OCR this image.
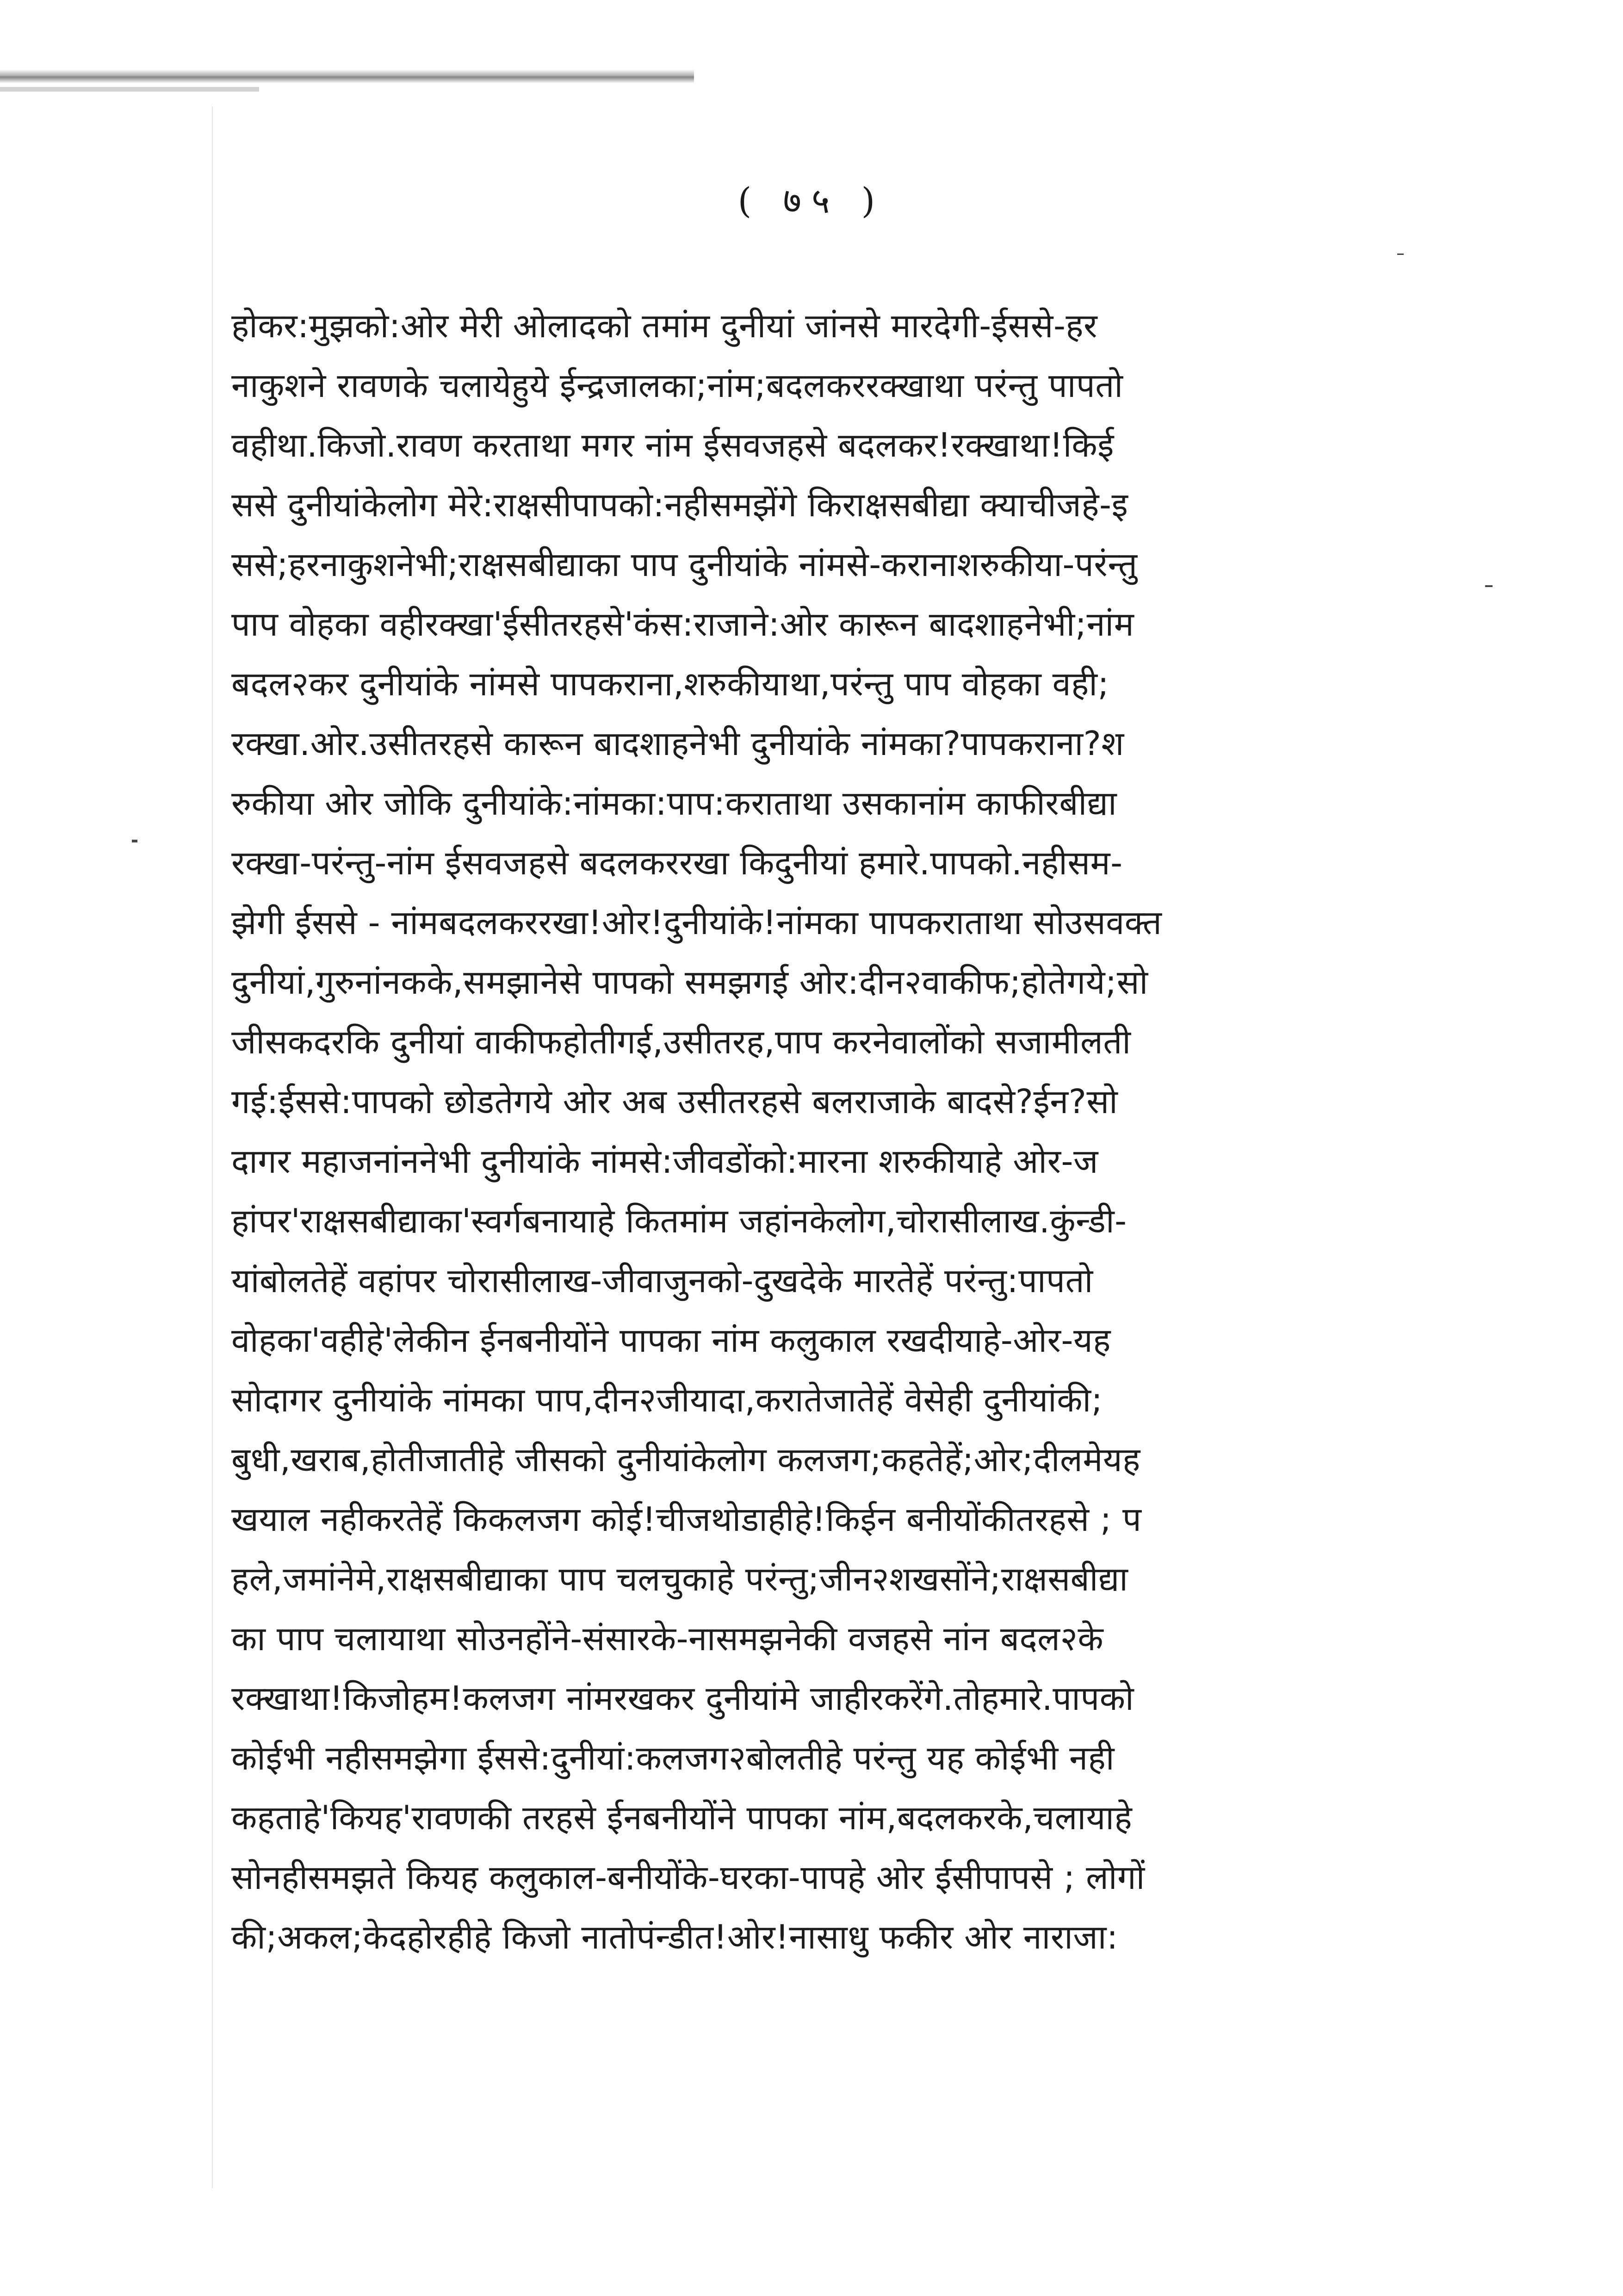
( ७५ )
होकर:मुझको:ओर मेरी ओलादको तमांम दुनीयां जांनसे मारदेगी-ईससे-हर
नाकुशने रावणके चलायेहुये ईन्द्रजालका;नांम;बदलकररक्खाथा परंन्तु पापतो
वहीथा.किजो.रावण करताथा मगर नांम ईसवजहसे बदलकर!रक्खाथा!किई
ससे दुनीयांकेलोग मेरे:राक्षसीपापको:नहीसमझेंगे किराक्षसबीद्या क्याचीजहे-इ
ससे;हरनाकुशनेभी;राक्षसबीद्याका पाप दुनीयांके नांमसे-करानाशरुकीया-परंन्तु
पाप वोहका वहीरक्खा'ईसीतरहसे'कंस:राजाने:ओर कारून बादशाहनेभी;नांम
बदल२कर दुनीयांके नांमसे पापकराना,शरुकीयाथा,परंन्तु पाप वोहका वही;
रक्खा.ओर.उसीतरहसे कारून बादशाहनेभी दुनीयांके नांमका?पापकराना?श
रुकीया ओर जोकि दुनीयांके:नांमका:पाप:कराताथा उसकानांम काफीरबीद्या
रक्खा-परंन्तु-नांम ईसवजहसे बदलकररखा किदुनीयां हमारे.पापको.नहीसम-
झेगी ईससे - नांमबदलकररखा!ओर!दुनीयांके!नांमका पापकराताथा सोउसवक्त
दुनीयां,गुरुनांनकके,समझानेसे पापको समझगई ओर:दीन२वाकीफ;होतेगये;सो
जीसकदरकि दुनीयां वाकीफहोतीगई,उसीतरह,पाप करनेवालोंको सजामीलती
गई:ईससे:पापको छोडतेगये ओर अब उसीतरहसे बलराजाके बादसे?ईन?सो
दागर महाजनांननेभी दुनीयांके नांमसे:जीवडोंको:मारना शरुकीयाहे ओर-ज
हांपर'राक्षसबीद्याका'स्वर्गबनायाहे कितमांम जहांनकेलोग,चोरासीलाख.कुंन्डी-
यांबोलतेहें वहांपर चोरासीलाख-जीवाजुनको-दुखदेके मारतेहें परंन्तु:पापतो
वोहका'वहीहे'लेकीन ईनबनीयोंने पापका नांम कलुकाल रखदीयाहे-ओर-यह
सोदागर दुनीयांके नांमका पाप,दीन२जीयादा,करातेजातेहें वेसेही दुनीयांकी;
बुधी,खराब,होतीजातीहे जीसको दुनीयांकेलोग कलजग;कहतेहें;ओर;दीलमेयह
खयाल नहीकरतेहें किकलजग कोई!चीजथोडाहीहे!किईन बनीयोंकीतरहसे ; प
हले,जमांनेमे,राक्षसबीद्याका पाप चलचुकाहे परंन्तु;जीन२शखसोंने;राक्षसबीद्या
का पाप चलायाथा सोउनहोंने-संसारके-नासमझनेकी वजहसे नांन बदल२के
रक्खाथा!किजोहम!कलजग नांमरखकर दुनीयांमे जाहीरकरेंगे.तोहमारे.पापको
कोईभी नहीसमझेगा ईससे:दुनीयां:कलजग२बोलतीहे परंन्तु यह कोईभी नही
कहताहे'कियह'रावणकी तरहसे ईनबनीयोंने पापका नांम,बदलकरके,चलायाहे
सोनहीसमझते कियह कलुकाल-बनीयोंके-घरका-पापहे ओर ईसीपापसे ; लोगों
की;अकल;केदहोरहीहे किजो नातोपंन्डीत!ओर!नासाधु फकीर ओर नाराजा:
